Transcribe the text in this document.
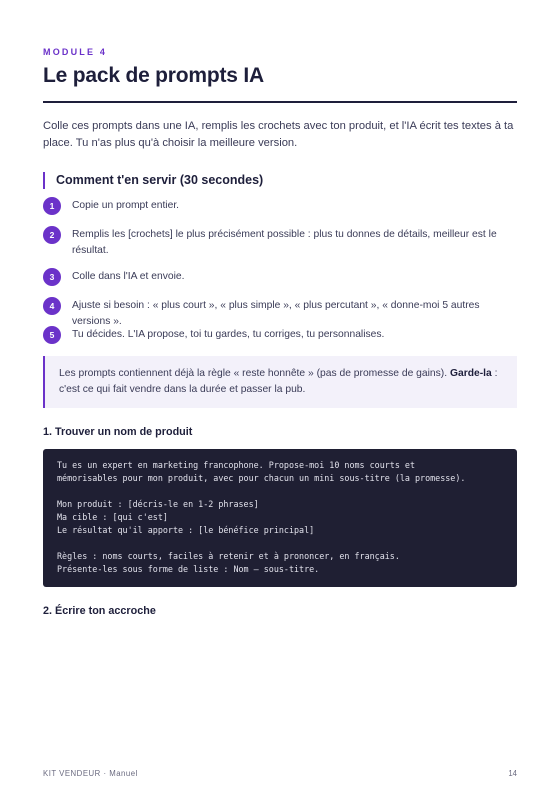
MODULE 4
Le pack de prompts IA
Colle ces prompts dans une IA, remplis les crochets avec ton produit, et l'IA écrit tes textes à ta place. Tu n'as plus qu'à choisir la meilleure version.
Comment t'en servir (30 secondes)
1	Copie un prompt entier.
2	Remplis les [crochets] le plus précisément possible : plus tu donnes de détails, meilleur est le résultat.
3	Colle dans l'IA et envoie.
4	Ajuste si besoin : « plus court », « plus simple », « plus percutant », « donne-moi 5 autres versions ».
5	Tu décides. L'IA propose, toi tu gardes, tu corriges, tu personnalises.
Les prompts contiennent déjà la règle « reste honnête » (pas de promesse de gains). Garde-la : c'est ce qui fait vendre dans la durée et passer la pub.
1. Trouver un nom de produit
Tu es un expert en marketing francophone. Propose-moi 10 noms courts et
mémorisables pour mon produit, avec pour chacun un mini sous-titre (la promesse).
Mon produit : [décris-le en 1-2 phrases]
Ma cible : [qui c'est]
Le résultat qu'il apporte : [le bénéfice principal]
Règles : noms courts, faciles à retenir et à prononcer, en français.
Présente-les sous forme de liste : Nom — sous-titre.
2. Écrire ton accroche
KIT VENDEUR · Manuel	14
